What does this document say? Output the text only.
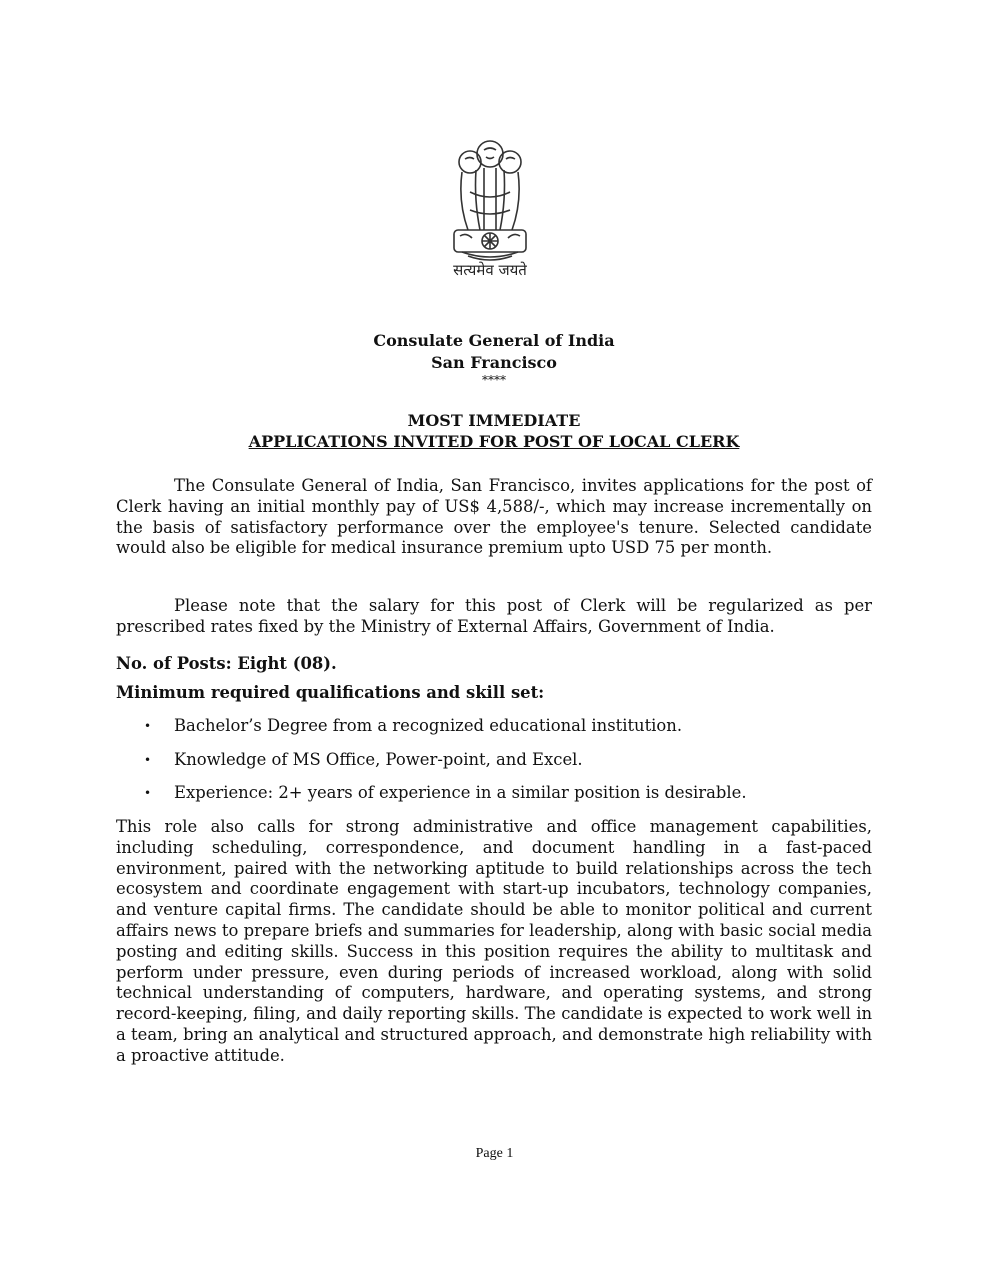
सत्यमेव जयते
Consulate General of India
San Francisco
****
MOST IMMEDIATE
APPLICATIONS INVITED FOR POST OF LOCAL CLERK
The Consulate General of India, San Francisco, invites applications for the post of Clerk having an initial monthly pay of US$ 4,588/-, which may increase incrementally on the basis of satisfactory performance over the employee's tenure. Selected candidate would also be eligible for medical insurance premium upto USD 75 per month.
Please note that the salary for this post of Clerk will be regularized as per prescribed rates fixed by the Ministry of External Affairs, Government of India.
No. of Posts: Eight (08).
Minimum required qualifications and skill set:
• Bachelor’s Degree from a recognized educational institution.
• Knowledge of MS Office, Power-point, and Excel.
• Experience: 2+ years of experience in a similar position is desirable.
This role also calls for strong administrative and office management capabilities, including scheduling, correspondence, and document handling in a fast-paced environment, paired with the networking aptitude to build relationships across the tech ecosystem and coordinate engagement with start-up incubators, technology companies, and venture capital firms. The candidate should be able to monitor political and current affairs news to prepare briefs and summaries for leadership, along with basic social media posting and editing skills. Success in this position requires the ability to multitask and perform under pressure, even during periods of increased workload, along with solid technical understanding of computers, hardware, and operating systems, and strong record-keeping, filing, and daily reporting skills. The candidate is expected to work well in a team, bring an analytical and structured approach, and demonstrate high reliability with a proactive attitude.
Page 1
